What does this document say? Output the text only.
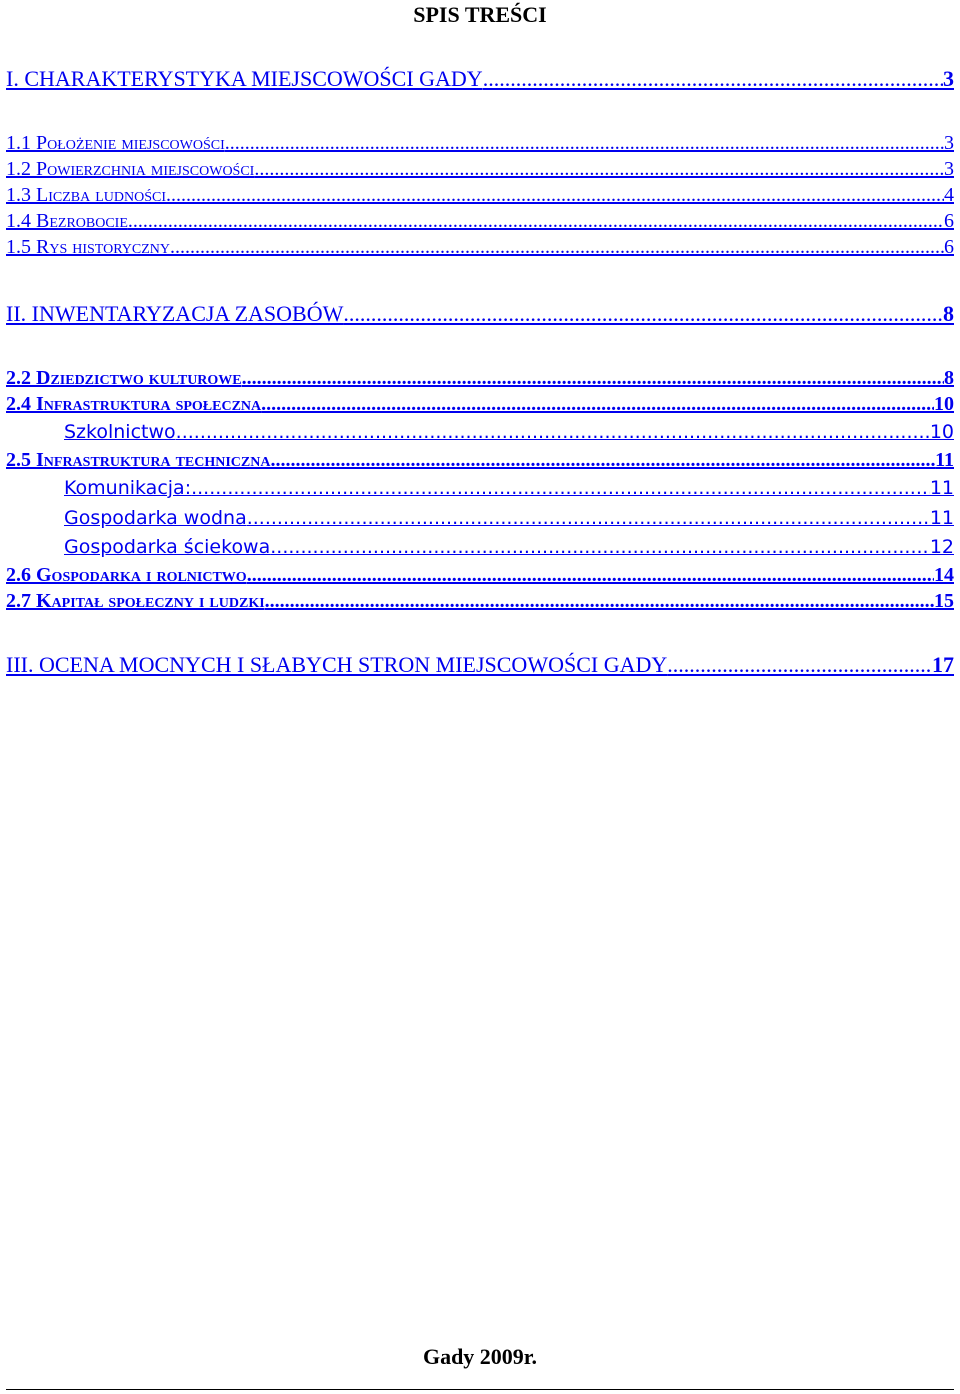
SPIS TREŚCI
I. CHARAKTERYSTYKA MIEJSCOWOŚCI GADY .....	3
1.1 Położenie miejscowości .....	3
1.2 Powierzchnia miejscowości .....	3
1.3 Liczba ludności .....	4
1.4 Bezrobocie .....	6
1.5 Rys historyczny .....	6
II. INWENTARYZACJA ZASOBÓW .....	8
2.2 Dziedzictwo kulturowe .....	8
2.4 Infrastruktura społeczna .....	10
Szkolnictwo .....	10
2.5 Infrastruktura techniczna .....	11
Komunikacja: .....	11
Gospodarka wodna .....	11
Gospodarka ściekowa .....	12
2.6 Gospodarka i rolnictwo .....	14
2.7 Kapitał społeczny i ludzki .....	15
III. OCENA MOCNYCH I SŁABYCH STRON MIEJSCOWOŚCI GADY .....	17
Gady 2009r.
